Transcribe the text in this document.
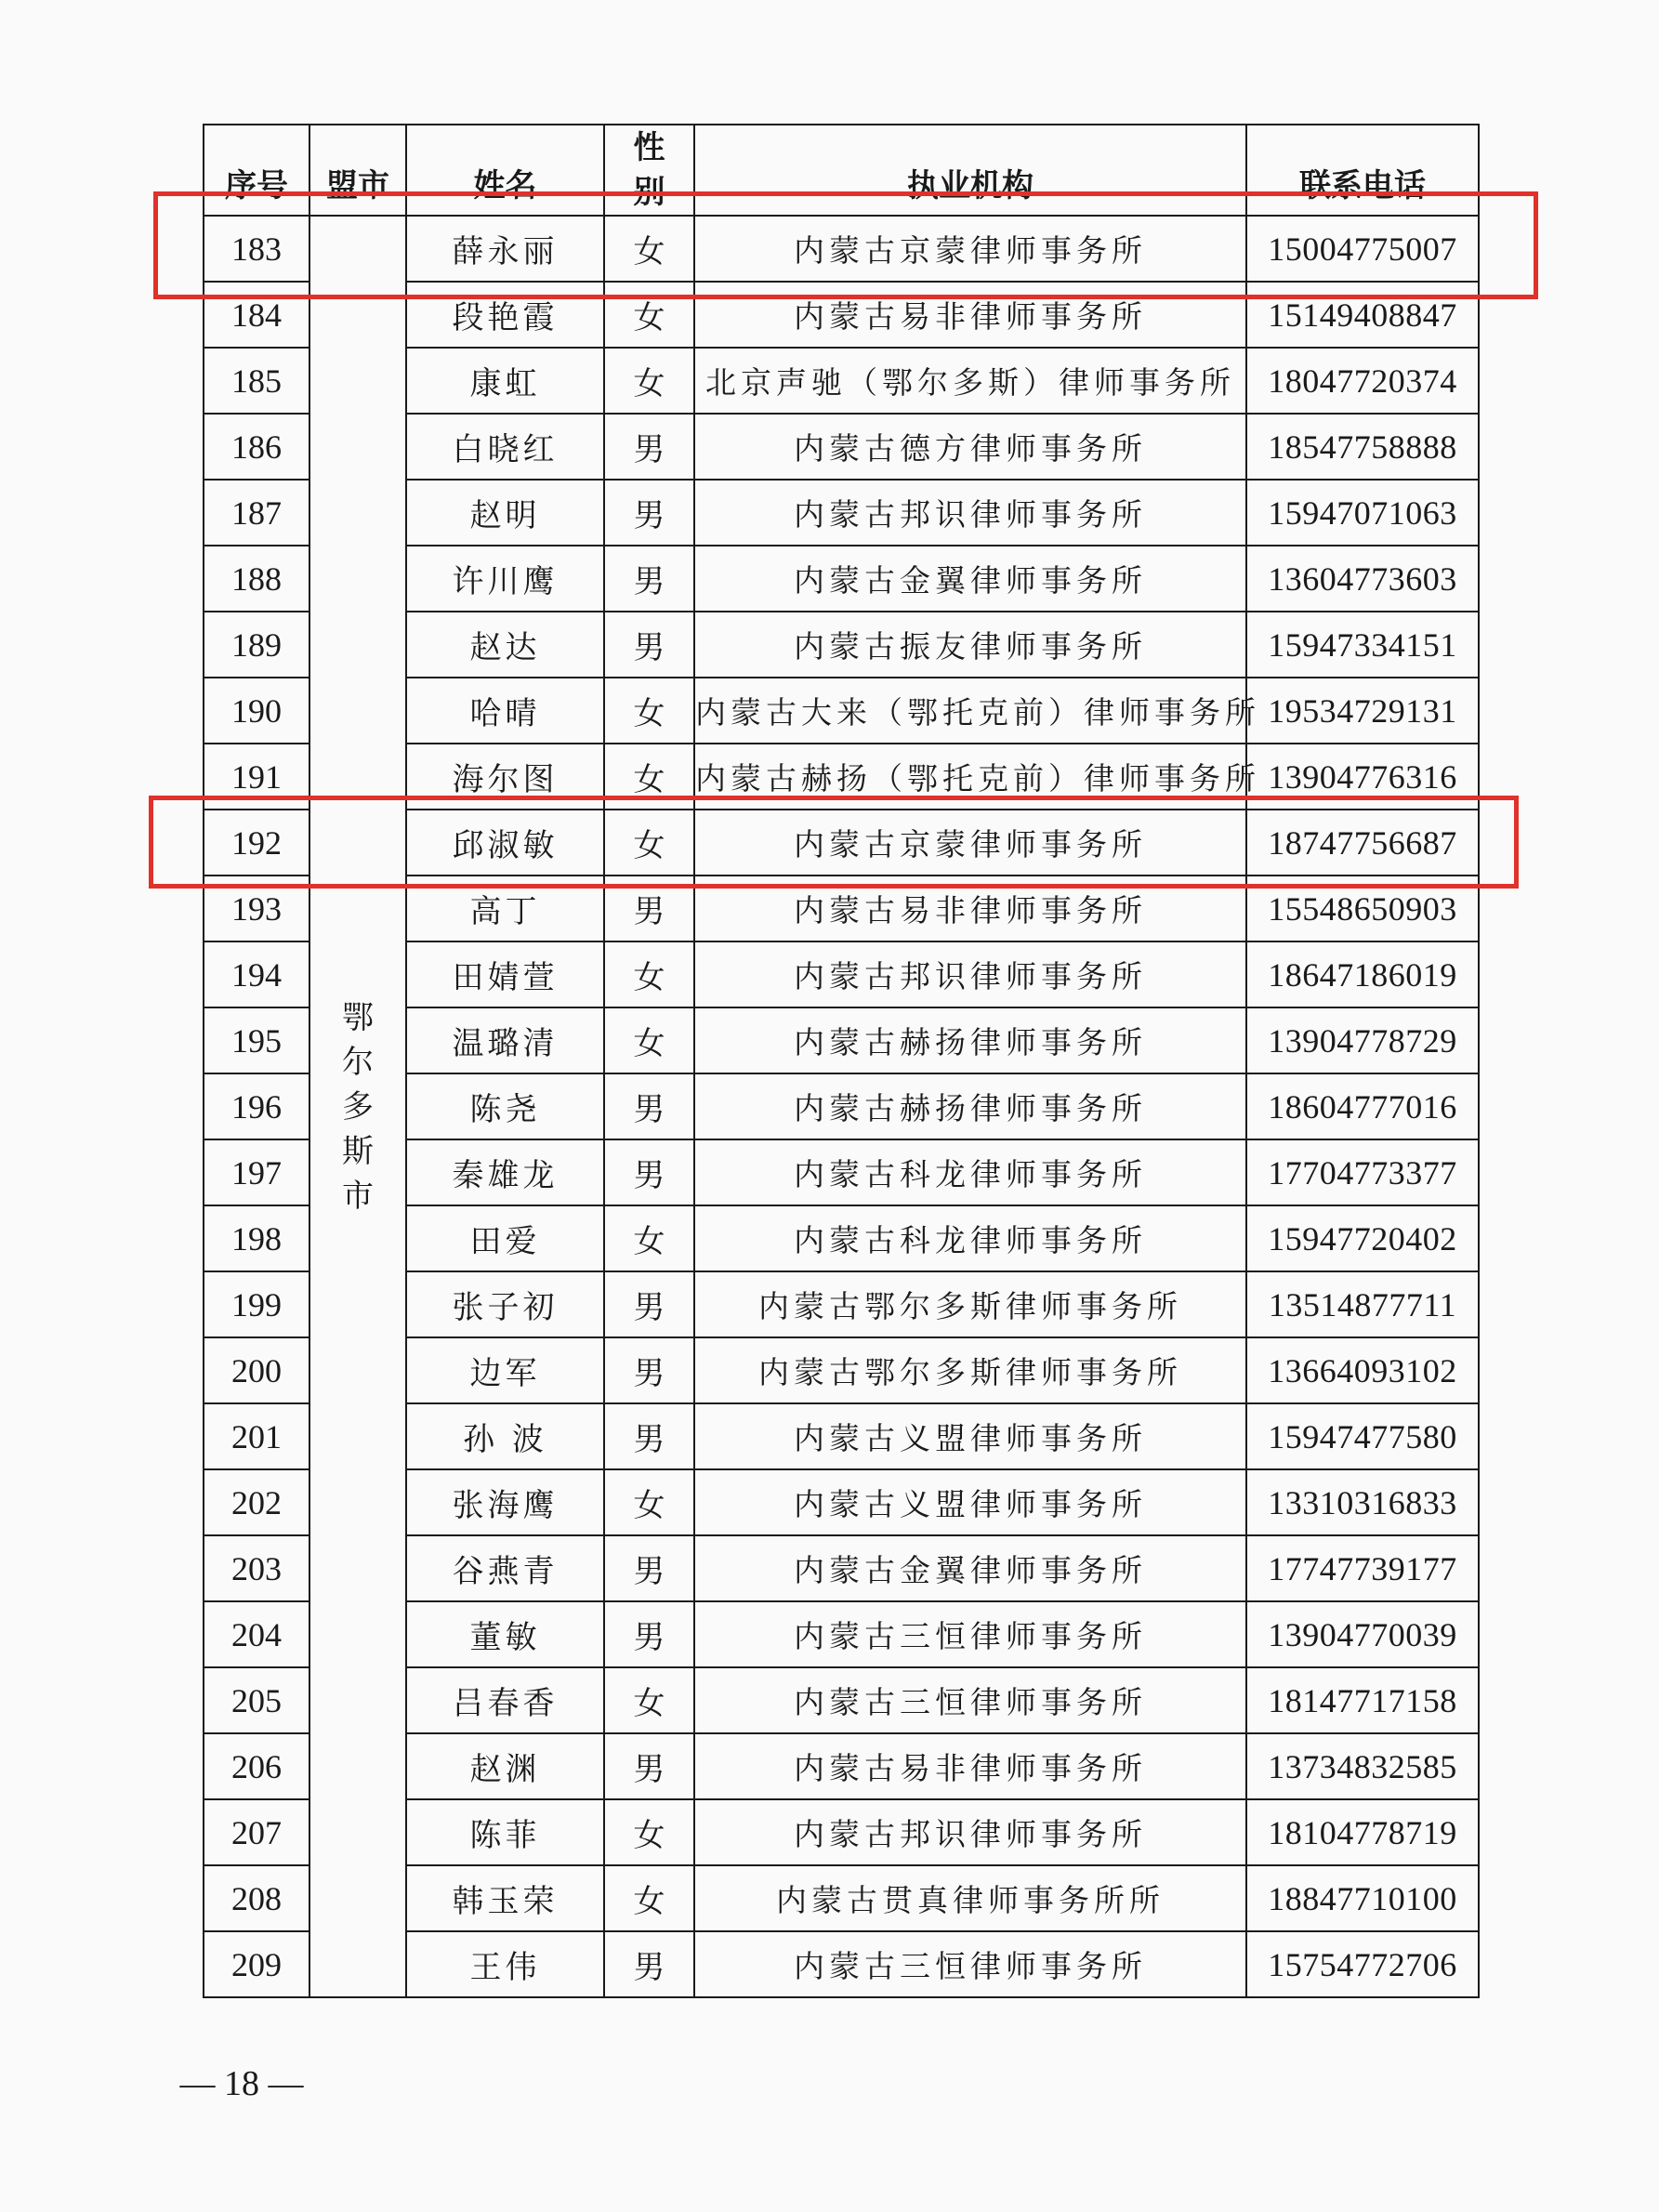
序号	盟市	姓名	性别	执业机构	联系电话
183	鄂尔多斯市	薛永丽	女	内蒙古京蒙律师事务所	15004775007
184		段艳霞	女	内蒙古易非律师事务所	15149408847
185		康虹	女	北京声驰（鄂尔多斯）律师事务所	18047720374
186		白晓红	男	内蒙古德方律师事务所	18547758888
187		赵明	男	内蒙古邦识律师事务所	15947071063
188		许川鹰	男	内蒙古金翼律师事务所	13604773603
189		赵达	男	内蒙古振友律师事务所	15947334151
190		哈晴	女	内蒙古大来（鄂托克前）律师事务所	19534729131
191		海尔图	女	内蒙古赫扬（鄂托克前）律师事务所	13904776316
192		邱淑敏	女	内蒙古京蒙律师事务所	18747756687
193		高丁	男	内蒙古易非律师事务所	15548650903
194		田婧萱	女	内蒙古邦识律师事务所	18647186019
195		温璐清	女	内蒙古赫扬律师事务所	13904778729
196		陈尧	男	内蒙古赫扬律师事务所	18604777016
197		秦雄龙	男	内蒙古科龙律师事务所	17704773377
198		田爱	女	内蒙古科龙律师事务所	15947720402
199		张子初	男	内蒙古鄂尔多斯律师事务所	13514877711
200		边军	男	内蒙古鄂尔多斯律师事务所	13664093102
201		孙 波	男	内蒙古义盟律师事务所	15947477580
202		张海鹰	女	内蒙古义盟律师事务所	13310316833
203		谷燕青	男	内蒙古金翼律师事务所	17747739177
204		董敏	男	内蒙古三恒律师事务所	13904770039
205		吕春香	女	内蒙古三恒律师事务所	18147717158
206		赵渊	男	内蒙古易非律师事务所	13734832585
207		陈菲	女	内蒙古邦识律师事务所	18104778719
208		韩玉荣	女	内蒙古贯真律师事务所所	18847710100
209		王伟	男	内蒙古三恒律师事务所	15754772706
— 18 —
